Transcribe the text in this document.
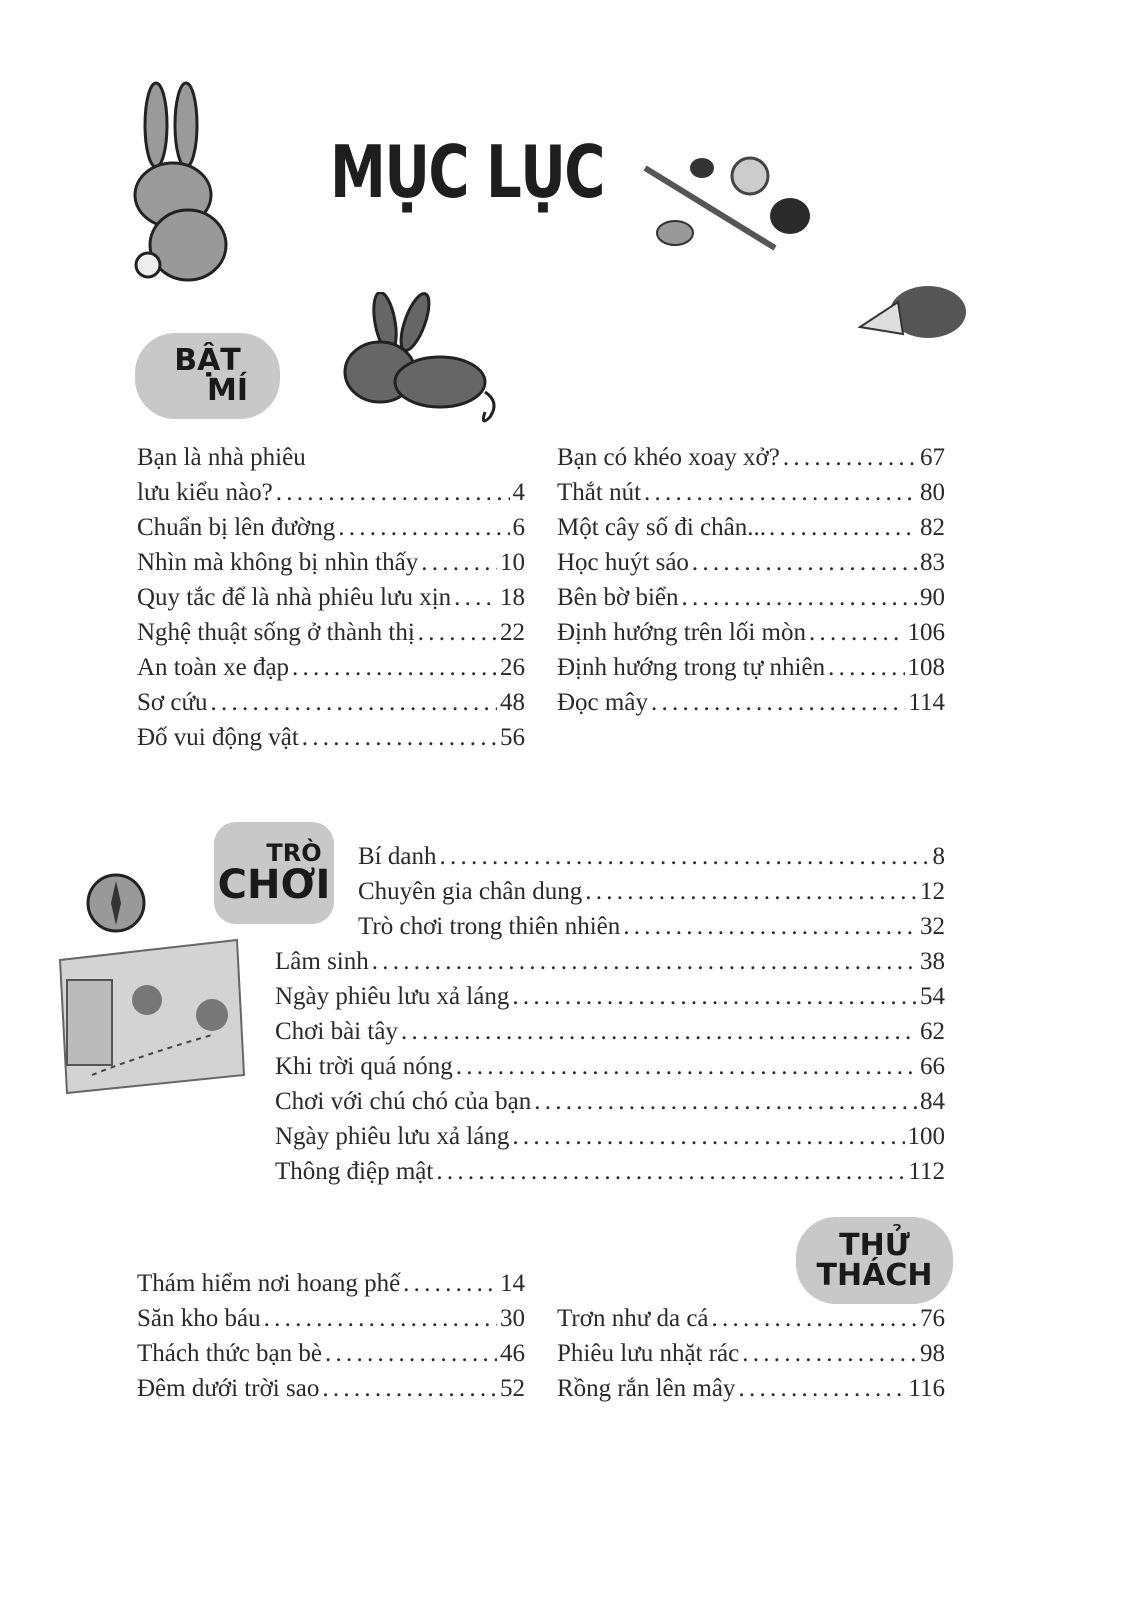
MỤC LỤC
BẬT
MÍ
TRÒ
CHƠI
THỬ
THÁCH
Bạn là nhà phiêu
lưu kiểu nào? . . .	4
Chuẩn bị lên đường . . .	6
Nhìn mà không bị nhìn thấy . . .	10
Quy tắc để là nhà phiêu lưu xịn . . . 18
Nghệ thuật sống ở thành thị . . .	22
An toàn xe đạp . . .	26
Sơ cứu . . .	48
Đố vui động vật . . .	56
Bạn có khéo xoay xở? . . .	67
Thắt nút . . .	80
Một cây số đi chân... . . .	82
Học huýt sáo . . .	83
Bên bờ biển . . .	90
Định hướng trên lối mòn . . .	106
Định hướng trong tự nhiên . . .	108
Đọc mây . . .	114
Bí danh . . .	8
Chuyên gia chân dung . . .	12
Trò chơi trong thiên nhiên . . .	32
Lâm sinh . . .	38
Ngày phiêu lưu xả láng . . .	54
Chơi bài tây . . .	62
Khi trời quá nóng . . .	66
Chơi với chú chó của bạn . . .	84
Ngày phiêu lưu xả láng . . .	100
Thông điệp mật . . .	112
Thám hiểm nơi hoang phế . . .	14
Săn kho báu . . .	30
Thách thức bạn bè . . .	46
Đêm dưới trời sao . . .	52
Trơn như da cá . . .	76
Phiêu lưu nhặt rác . . .	98
Rồng rắn lên mây . . .	116
